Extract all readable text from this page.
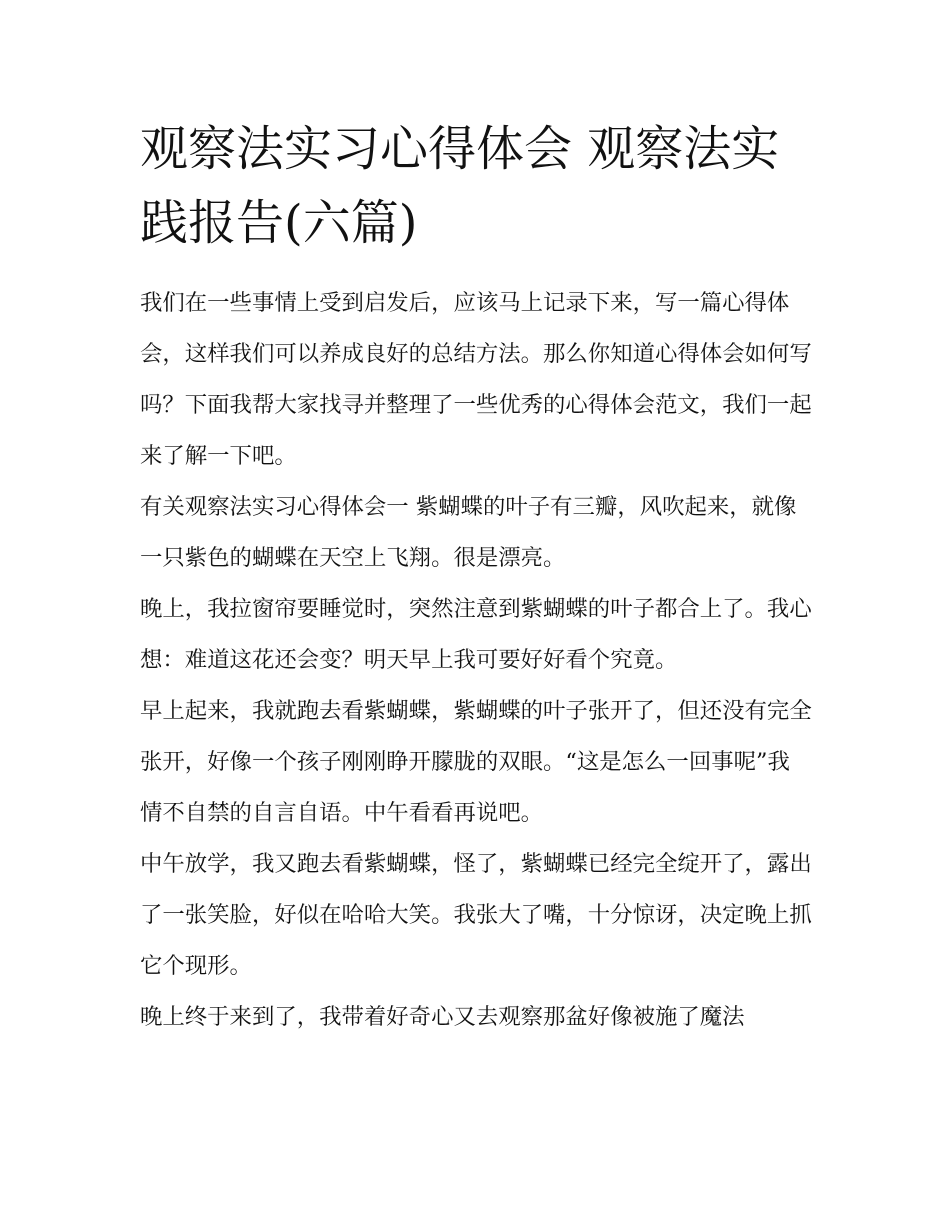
观察法实习心得体会 观察法实践报告(六篇)

我们在一些事情上受到启发后，应该马上记录下来，写一篇心得体会，这样我们可以养成良好的总结方法。那么你知道心得体会如何写吗？下面我帮大家找寻并整理了一些优秀的心得体会范文，我们一起来了解一下吧。

有关观察法实习心得体会一 紫蝴蝶的叶子有三瓣，风吹起来，就像一只紫色的蝴蝶在天空上飞翔。很是漂亮。

晚上，我拉窗帘要睡觉时，突然注意到紫蝴蝶的叶子都合上了。我心想：难道这花还会变？明天早上我可要好好看个究竟。

早上起来，我就跑去看紫蝴蝶，紫蝴蝶的叶子张开了，但还没有完全张开，好像一个孩子刚刚睁开朦胧的双眼。“这是怎么一回事呢”我情不自禁的自言自语。中午看看再说吧。

中午放学，我又跑去看紫蝴蝶，怪了，紫蝴蝶已经完全绽开了，露出了一张笑脸，好似在哈哈大笑。我张大了嘴，十分惊讶，决定晚上抓它个现形。

晚上终于来到了，我带着好奇心又去观察那盆好像被施了魔法
